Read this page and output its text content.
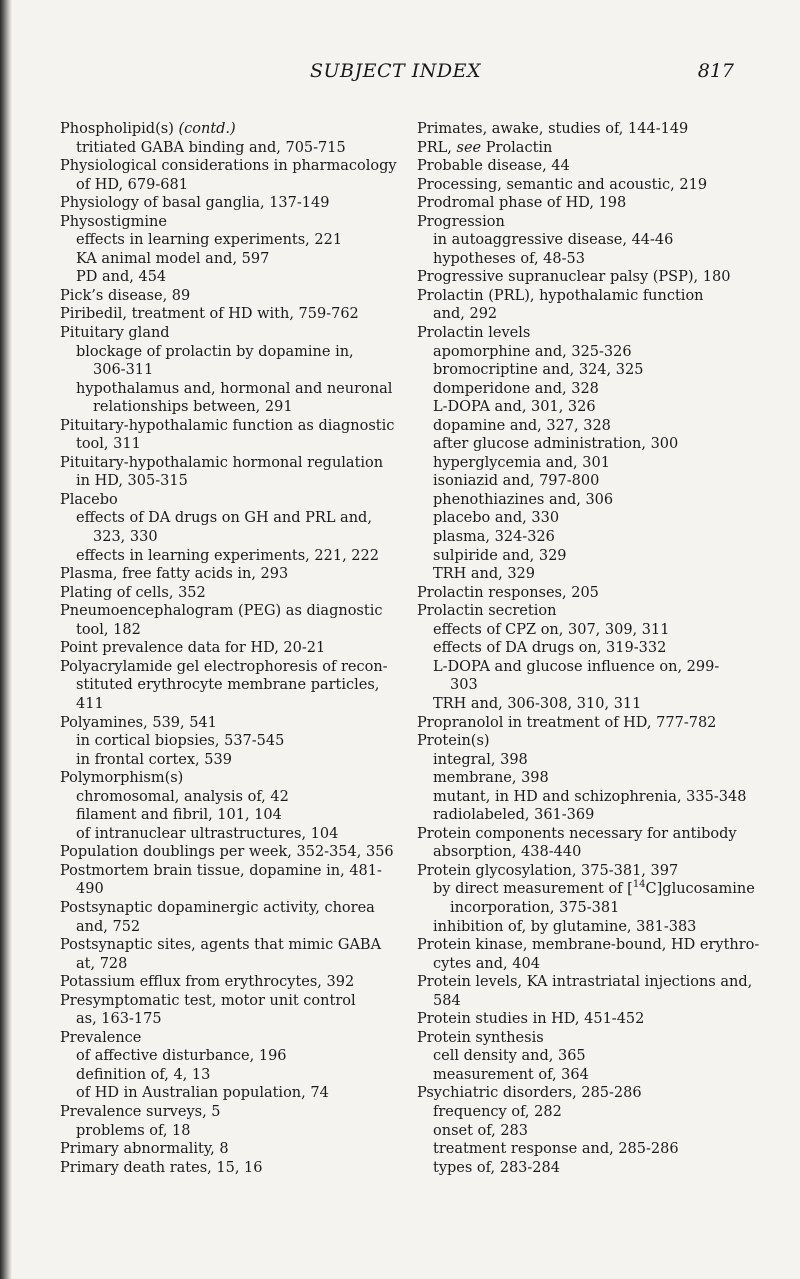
SUBJECT INDEX	817
Phospholipid(s) (contd.)
tritiated GABA binding and, 705-715
Physiological considerations in pharmacology
of HD, 679-681
Physiology of basal ganglia, 137-149
Physostigmine
effects in learning experiments, 221
KA animal model and, 597
PD and, 454
Pick’s disease, 89
Piribedil, treatment of HD with, 759-762
Pituitary gland
blockage of prolactin by dopamine in,
306-311
hypothalamus and, hormonal and neuronal
relationships between, 291
Pituitary-hypothalamic function as diagnostic
tool, 311
Pituitary-hypothalamic hormonal regulation
in HD, 305-315
Placebo
effects of DA drugs on GH and PRL and,
323, 330
effects in learning experiments, 221, 222
Plasma, free fatty acids in, 293
Plating of cells, 352
Pneumoencephalogram (PEG) as diagnostic
tool, 182
Point prevalence data for HD, 20-21
Polyacrylamide gel electrophoresis of recon-
stituted erythrocyte membrane particles,
411
Polyamines, 539, 541
in cortical biopsies, 537-545
in frontal cortex, 539
Polymorphism(s)
chromosomal, analysis of, 42
filament and fibril, 101, 104
of intranuclear ultrastructures, 104
Population doublings per week, 352-354, 356
Postmortem brain tissue, dopamine in, 481-
490
Postsynaptic dopaminergic activity, chorea
and, 752
Postsynaptic sites, agents that mimic GABA
at, 728
Potassium efflux from erythrocytes, 392
Presymptomatic test, motor unit control
as, 163-175
Prevalence
of affective disturbance, 196
definition of, 4, 13
of HD in Australian population, 74
Prevalence surveys, 5
problems of, 18
Primary abnormality, 8
Primary death rates, 15, 16
Primates, awake, studies of, 144-149
PRL, see Prolactin
Probable disease, 44
Processing, semantic and acoustic, 219
Prodromal phase of HD, 198
Progression
in autoaggressive disease, 44-46
hypotheses of, 48-53
Progressive supranuclear palsy (PSP), 180
Prolactin (PRL), hypothalamic function
and, 292
Prolactin levels
apomorphine and, 325-326
bromocriptine and, 324, 325
domperidone and, 328
L-DOPA and, 301, 326
dopamine and, 327, 328
after glucose administration, 300
hyperglycemia and, 301
isoniazid and, 797-800
phenothiazines and, 306
placebo and, 330
plasma, 324-326
sulpiride and, 329
TRH and, 329
Prolactin responses, 205
Prolactin secretion
effects of CPZ on, 307, 309, 311
effects of DA drugs on, 319-332
L-DOPA and glucose influence on, 299-
303
TRH and, 306-308, 310, 311
Propranolol in treatment of HD, 777-782
Protein(s)
integral, 398
membrane, 398
mutant, in HD and schizophrenia, 335-348
radiolabeled, 361-369
Protein components necessary for antibody
absorption, 438-440
Protein glycosylation, 375-381, 397
by direct measurement of [$^{14}$C]glucosamine
incorporation, 375-381
inhibition of, by glutamine, 381-383
Protein kinase, membrane-bound, HD erythro-
cytes and, 404
Protein levels, KA intrastriatal injections and,
584
Protein studies in HD, 451-452
Protein synthesis
cell density and, 365
measurement of, 364
Psychiatric disorders, 285-286
frequency of, 282
onset of, 283
treatment response and, 285-286
types of, 283-284
